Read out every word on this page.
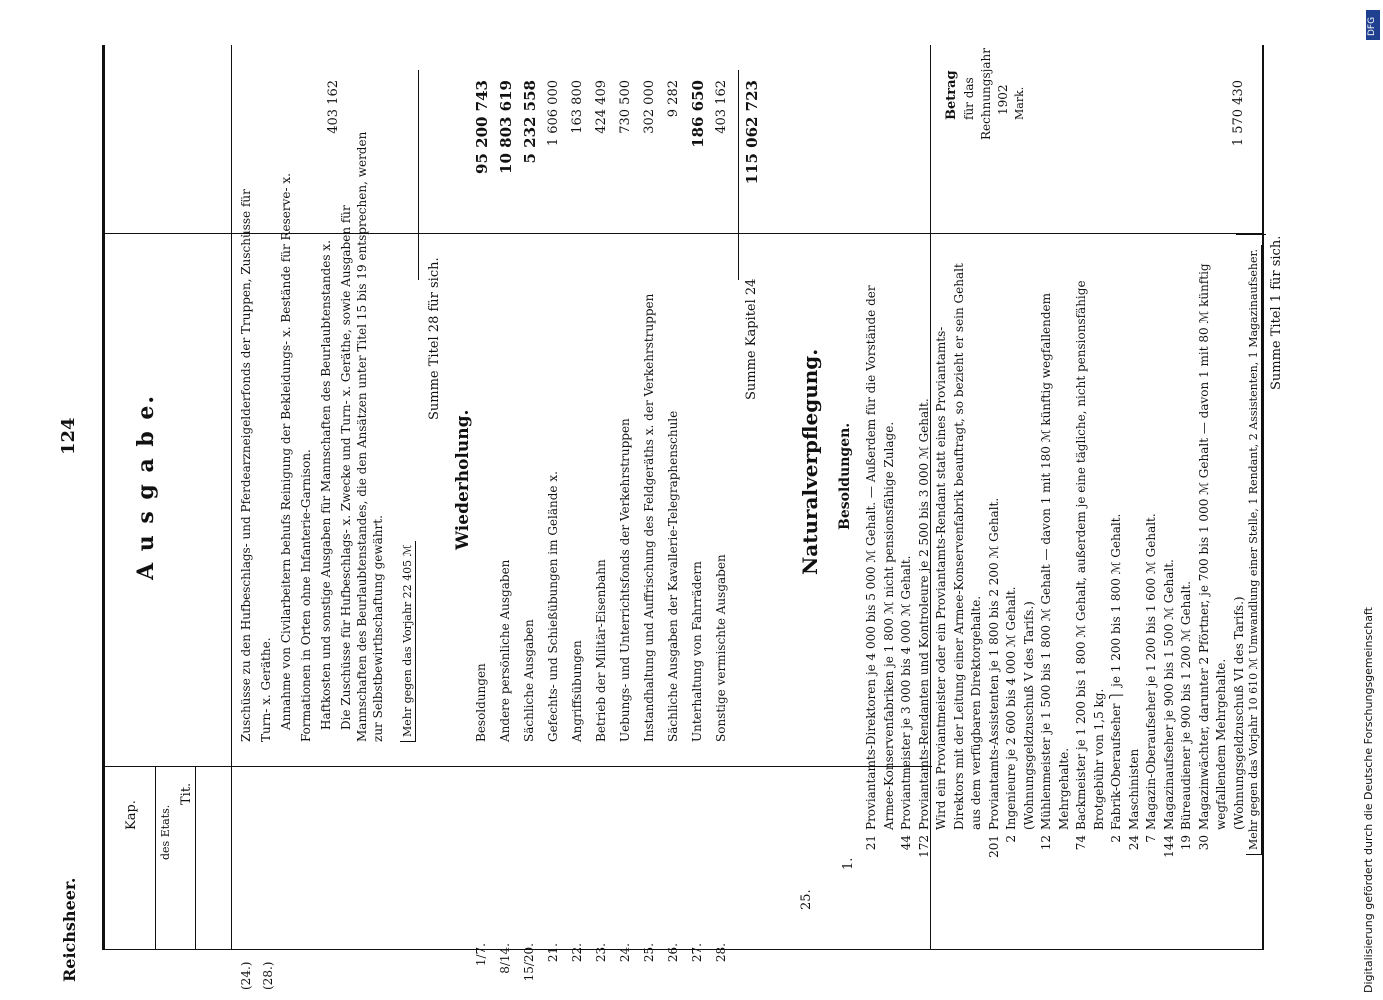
Reichsheer.
124
Kap.
Tit.
des Etats.
A u s g a b e.
Betrag für das Rechnungsjahr 1902 Mark.
(24.) (28.)
Zuschüsse zu den Hufbeschlags- und Pferdearzneigelderfonds der Truppen, Zuschüsse für Turn- x. Geräthe. Annahme von Civilarbeitern behufs Reinigung der Bekleidungs- x. Bestände für Reserve- x. Formationen in Orten ohne Infanterie-Garnison. Haftkosten und sonstige Ausgaben für Mannschaften des Beurlaubtenstandes x. Die Zuschüsse für Hufbeschlags- x. Zwecke und Turn- x. Geräthe, sowie Ausgaben für Mannschaften des Beurlaubtenstandes, die den Ansätzen unter Titel 15 bis 19 entsprechen, werden zur Selbstbewirthschaftung gewährt. Mehr gegen das Vorjahr 22 405 ℳ
403 162
Summe Titel 28 für sich.
Wiederholung.
1/7.
Besoldungen
95 200 743
8/14.
Andere persönliche Ausgaben
10 803 619
15/20.
Sächliche Ausgaben
5 232 558
21.
Gefechts- und Schießübungen im Gelände x.
1 606 000
22.
Angriffsübungen
163 800
23.
Betrieb der Militär-Eisenbahn
424 409
24.
Uebungs- und Unterrichtsfonds der Verkehrstruppen
730 500
25.
Instandhaltung und Auffrischung des Feldgeräths x. der Verkehrstruppen
302 000
26.
Sächliche Ausgaben der Kavallerie-Telegraphenschule
9 282
27.
Unterhaltung von Fahrrädern
186 650
28.
Sonstige vermischte Ausgaben
403 162
Summe Kapitel 24
115 062 723
25.
1.
Naturalverpflegung. Besoldungen.
21
Proviantamts-Direktoren je 4 000 bis 5 000 ℳ Gehalt. — Außerdem für die Vorstände der Armee-Konservenfabriken je 1 800 ℳ nicht pensionsfähige Zulage.
44
Proviantmeister je 3 000 bis 4 000 ℳ Gehalt.
172
Proviantamts-Rendanten und Kontroleure je 2 500 bis 3 000 ℳ Gehalt. Wird ein Proviantmeister oder ein Proviantamts-Rendant statt eines Proviantamts- Direktors mit der Leitung einer Armee-Konservenfabrik beauftragt, so bezieht er sein Gehalt aus dem verfügbaren Direktorgehalte.
201
Proviantamts-Assistenten je 1 800 bis 2 200 ℳ Gehalt.
2
Ingenieure je 2 600 bis 4 000 ℳ Gehalt. (Wohnungsgeldzuschuß V des Tarifs.)
12
Mühlenmeister je 1 500 bis 1 800 ℳ Gehalt — davon 1 mit 180 ℳ künftig wegfallendem Mehrgehalte.
74
Backmeister je 1 200 bis 1 800 ℳ Gehalt, außerdem je eine tägliche, nicht pensionsfähige Brotgebühr von 1,5 kg.
2
Fabrik-Oberaufseher ⎫ je 1 200 bis 1 800 ℳ Gehalt.
24
Maschinisten
7
Magazin-Oberaufseher je 1 200 bis 1 600 ℳ Gehalt.
144
Magazinaufseher je 900 bis 1 500 ℳ Gehalt.
19
Büreaudiener je 900 bis 1 200 ℳ Gehalt.
30
Magazinwächter, darunter 2 Pförtner, je 700 bis 1 000 ℳ Gehalt — davon 1 mit 80 ℳ künftig wegfallendem Mehrgehalte. (Wohnungsgeldzuschuß VI des Tarifs.) Mehr gegen das Vorjahr 10 610 ℳ Umwandlung einer Stelle, 1 Rendant, 2 Assistenten, 1 Magazinaufseher.
1 570 430
Summe Titel 1 für sich.
Digitalisierung gefördert durch die Deutsche Forschungsgemeinschaft
DFG
